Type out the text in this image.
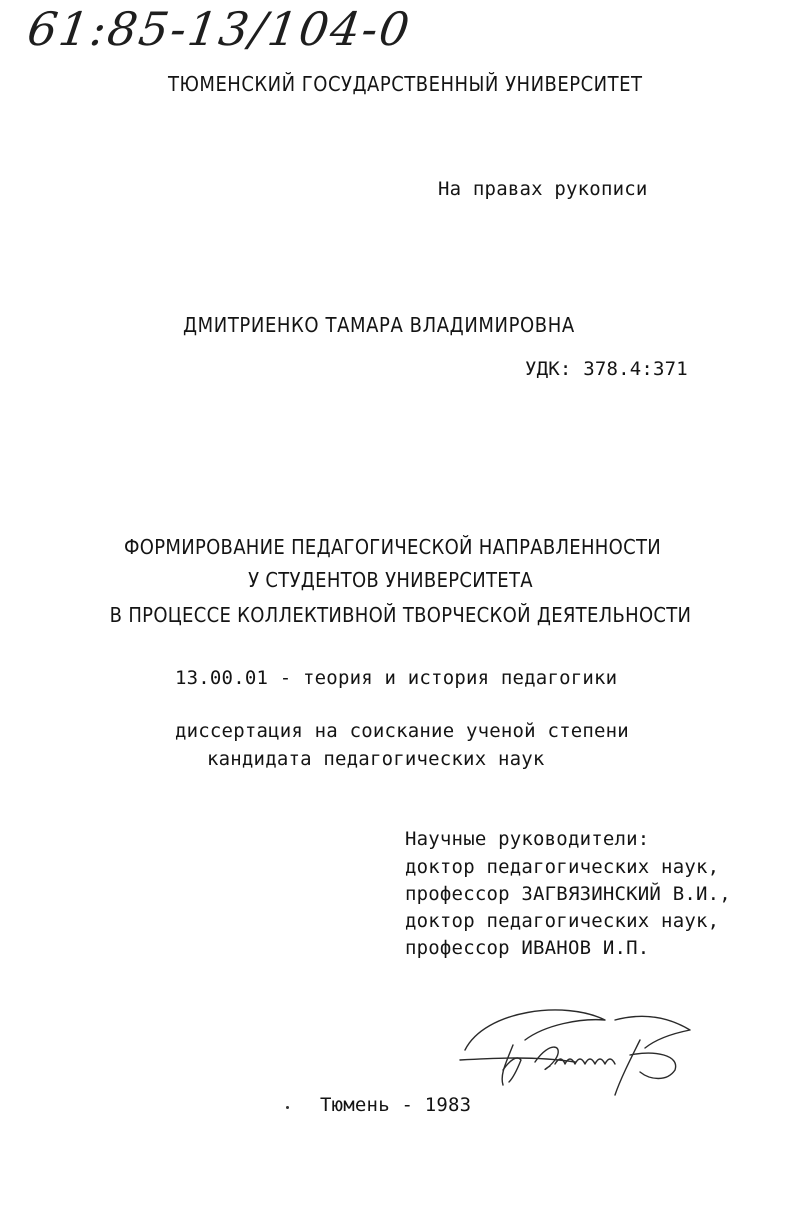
61:85-13/104-0
ТЮМЕНСКИЙ ГОСУДАРСТВЕННЫЙ УНИВЕРСИТЕТ
На правах рукописи
ДМИТРИЕНКО ТАМАРА ВЛАДИМИРОВНА
УДК: 378.4:371
ФОРМИРОВАНИЕ ПЕДАГОГИЧЕСКОЙ НАПРАВЛЕННОСТИ
У СТУДЕНТОВ УНИВЕРСИТЕТА
В ПРОЦЕССЕ КОЛЛЕКТИВНОЙ ТВОРЧЕСКОЙ ДЕЯТЕЛЬНОСТИ
13.00.01 - теория и история педагогики
диссертация на соискание ученой степени
кандидата педагогических наук
Научные руководители:
доктор педагогических наук,
профессор ЗАГВЯЗИНСКИЙ В.И.,
доктор педагогических наук,
профессор ИВАНОВ И.П.
Тюмень - 1983
